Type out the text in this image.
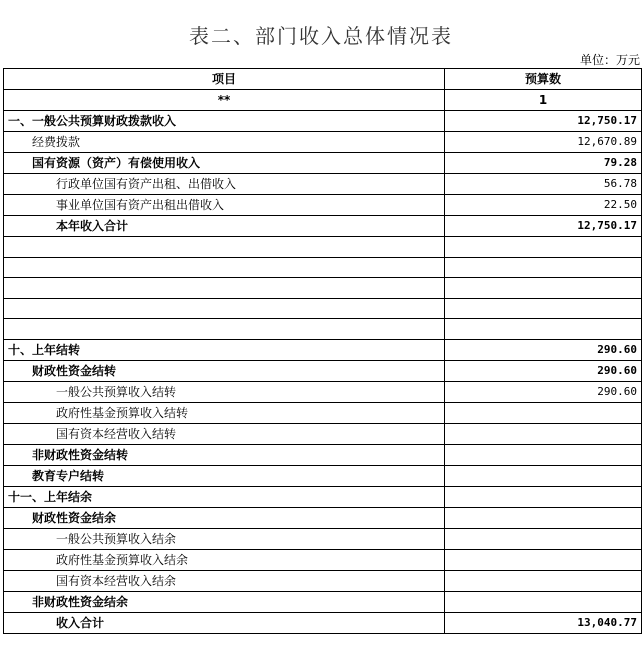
表二、部门收入总体情况表
单位：万元
项目	预算数
**	1
一、一般公共预算财政拨款收入	12,750.17
经费拨款	12,670.89
国有资源（资产）有偿使用收入	79.28
行政单位国有资产出租、出借收入	56.78
事业单位国有资产出租出借收入	22.50
本年收入合计	12,750.17

十、上年结转	290.60
财政性资金结转	290.60
一般公共预算收入结转	290.60
政府性基金预算收入结转	
国有资本经营收入结转	
非财政性资金结转	
教育专户结转	
十一、上年结余	
财政性资金结余	
一般公共预算收入结余	
政府性基金预算收入结余	
国有资本经营收入结余	
非财政性资金结余	
收入合计	13,040.77
